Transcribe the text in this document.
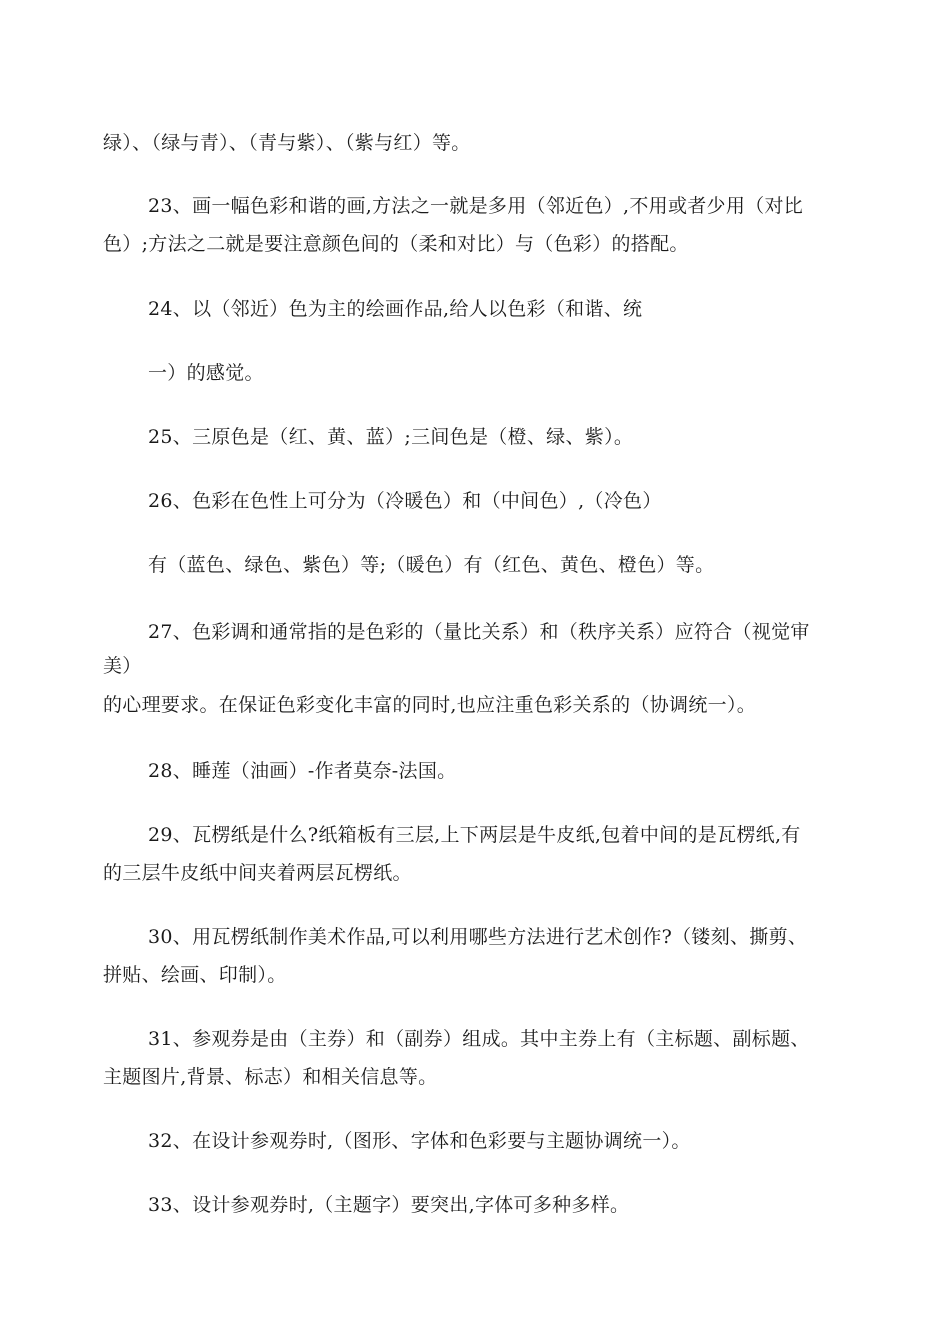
绿）、（绿与青）、（青与紫）、（紫与红）等。
23、画一幅色彩和谐的画,方法之一就是多用（邻近色）,不用或者少用（对比
色）;方法之二就是要注意颜色间的（柔和对比）与（色彩）的搭配。
24、以（邻近）色为主的绘画作品,给人以色彩（和谐、统
一）的感觉。
25、三原色是（红、黄、蓝）;三间色是（橙、绿、紫）。
26、色彩在色性上可分为（冷暖色）和（中间色）,（冷色）
有（蓝色、绿色、紫色）等;（暖色）有（红色、黄色、橙色）等。
27、色彩调和通常指的是色彩的（量比关系）和（秩序关系）应符合（视觉审
美）
的心理要求。在保证色彩变化丰富的同时,也应注重色彩关系的（协调统一）。
28、睡莲（油画）-作者莫奈-法国。
29、瓦楞纸是什么?纸箱板有三层,上下两层是牛皮纸,包着中间的是瓦楞纸,有
的三层牛皮纸中间夹着两层瓦楞纸。
30、用瓦楞纸制作美术作品,可以利用哪些方法进行艺术创作?（镂刻、撕剪、
拼贴、绘画、印制）。
31、参观券是由（主券）和（副券）组成。其中主券上有（主标题、副标题、
主题图片,背景、标志）和相关信息等。
32、在设计参观券时,（图形、字体和色彩要与主题协调统一）。
33、设计参观券时,（主题字）要突出,字体可多种多样。
